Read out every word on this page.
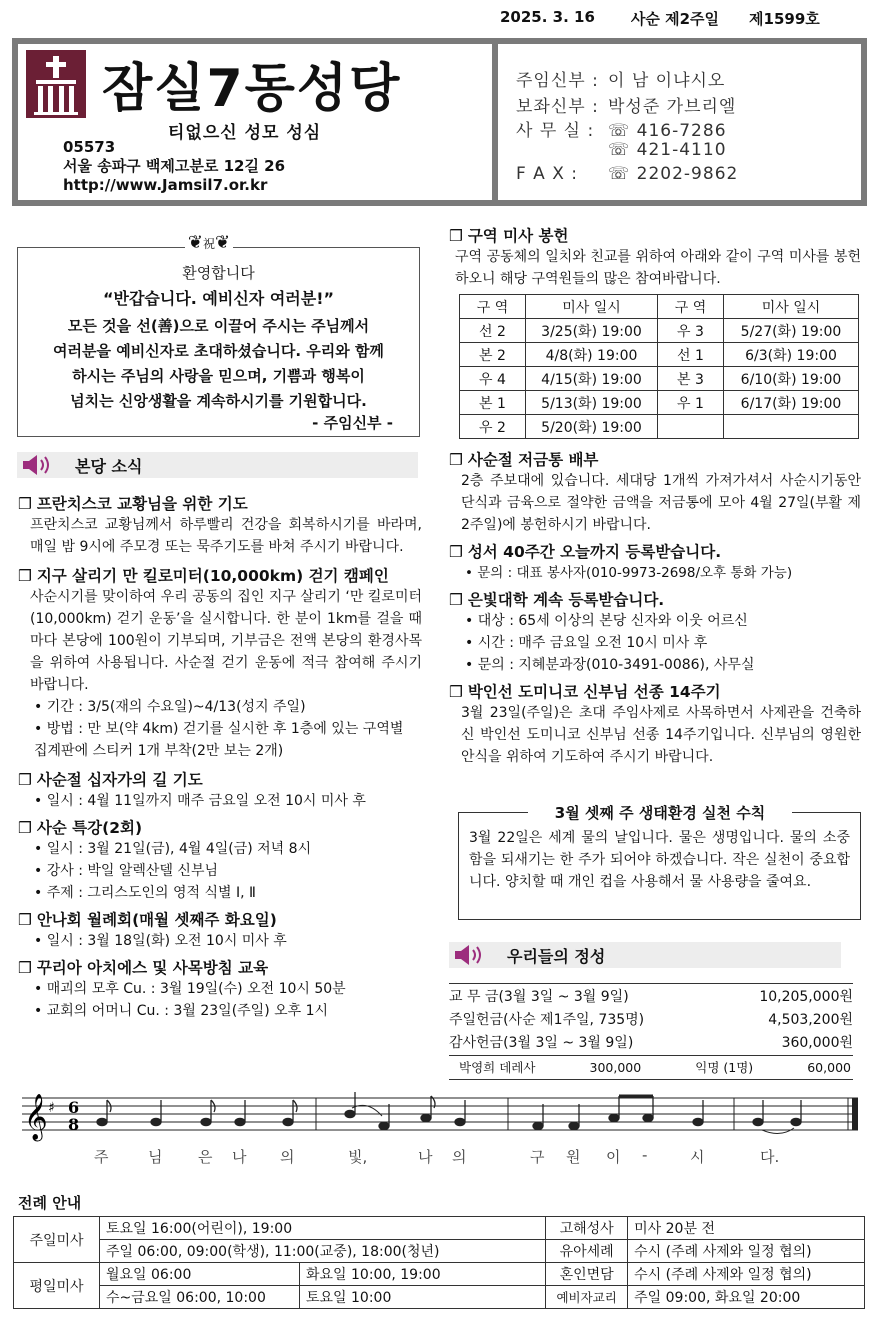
2025. 3. 16 사순 제2주일 제1599호
잠실7동성당
티없으신 성모 성심
05573
서울 송파구 백제고분로 12길 26
http://www.Jamsil7.or.kr
주임신부 : 이 남 이냐시오
보좌신부 : 박성준 가브리엘
사 무 실 : ☏ 416-7286
☏ 421-4110
F A X : ☏ 2202-9862
환영합니다
“반갑습니다. 예비신자 여러분!”
모든 것을 선(善)으로 이끌어 주시는 주님께서
여러분을 예비신자로 초대하셨습니다. 우리와 함께
하시는 주님의 사랑을 믿으며, 기쁨과 행복이
넘치는 신앙생활을 계속하시기를 기원합니다.
- 주임신부 -
❦祝❦
본당 소식
❒ 프란치스코 교황님을 위한 기도
프란치스코 교황님께서 하루빨리 건강을 회복하시기를 바라며, 매일 밤 9시에 주모경 또는 묵주기도를 바쳐 주시기 바랍니다.
❒ 지구 살리기 만 킬로미터(10,000km) 걷기 캠페인
사순시기를 맞이하여 우리 공동의 집인 지구 살리기 ‘만 킬로미터(10,000km) 걷기 운동’을 실시합니다. 한 분이 1km를 걸을 때마다 본당에 100원이 기부되며, 기부금은 전액 본당의 환경사목을 위하여 사용됩니다. 사순절 걷기 운동에 적극 참여해 주시기 바랍니다.
• 기간 : 3/5(재의 수요일)~4/13(성지 주일)
• 방법 : 만 보(약 4km) 걷기를 실시한 후 1층에 있는 구역별 집계판에 스티커 1개 부착(2만 보는 2개)
❒ 사순절 십자가의 길 기도
• 일시 : 4월 11일까지 매주 금요일 오전 10시 미사 후
❒ 사순 특강(2회)
• 일시 : 3월 21일(금), 4월 4일(금) 저녁 8시
• 강사 : 박일 알렉산델 신부님
• 주제 : 그리스도인의 영적 식별 Ⅰ, Ⅱ
❒ 안나회 월례회(매월 셋째주 화요일)
• 일시 : 3월 18일(화) 오전 10시 미사 후
❒ 꾸리아 아치에스 및 사목방침 교육
• 매괴의 모후 Cu. : 3월 19일(수) 오전 10시 50분
• 교회의 어머니 Cu. : 3월 23일(주일) 오후 1시
❒ 구역 미사 봉헌
구역 공동체의 일치와 친교를 위하여 아래와 같이 구역 미사를 봉헌하오니 해당 구역원들의 많은 참여바랍니다.
구 역	미사 일시	구 역	미사 일시
선 2	3/25(화) 19:00	우 3	5/27(화) 19:00
본 2	4/8(화) 19:00	선 1	6/3(화) 19:00
우 4	4/15(화) 19:00	본 3	6/10(화) 19:00
본 1	5/13(화) 19:00	우 1	6/17(화) 19:00
우 2	5/20(화) 19:00		
❒ 사순절 저금통 배부
2층 주보대에 있습니다. 세대당 1개씩 가져가셔서 사순시기동안 단식과 금육으로 절약한 금액을 저금통에 모아 4월 27일(부활 제2주일)에 봉헌하시기 바랍니다.
❒ 성서 40주간 오늘까지 등록받습니다.
• 문의 : 대표 봉사자(010-9973-2698/오후 통화 가능)
❒ 은빛대학 계속 등록받습니다.
• 대상 : 65세 이상의 본당 신자와 이웃 어르신
• 시간 : 매주 금요일 오전 10시 미사 후
• 문의 : 지혜분과장(010-3491-0086), 사무실
❒ 박인선 도미니코 신부님 선종 14주기
3월 23일(주일)은 초대 주임사제로 사목하면서 사제관을 건축하신 박인선 도미니코 신부님 선종 14주기입니다. 신부님의 영원한 안식을 위하여 기도하여 주시기 바랍니다.
3월 22일은 세계 물의 날입니다. 물은 생명입니다. 물의 소중함을 되새기는 한 주가 되어야 하겠습니다. 작은 실천이 중요합니다. 양치할 때 개인 컵을 사용해서 물 사용량을 줄여요.
3월 셋째 주 생태환경 실천 수칙
우리들의 정성
교 무 금(3월 3일 ~ 3월 9일)	10,205,000원
주일헌금(사순 제1주일, 735명)	4,503,200원
감사헌금(3월 3일 ~ 3월 9일)	360,000원
박영희 데레사	300,000	익명 (1명)	60,000
𝄞 ♯ 6
8
주	님 은 나 의	빛,	나 의	구 원 이 -	시	다.
전례 안내
주일미사	토요일 16:00(어린이), 19:00		고해성사	미사 20분 전
	주일 06:00, 09:00(학생), 11:00(교중), 18:00(청년)		유아세례	수시 (주례 사제와 일정 협의)
평일미사	월요일 06:00	화요일 10:00, 19:00	혼인면담	수시 (주례 사제와 일정 협의)
	수~금요일 06:00, 10:00	토요일 10:00	예비자교리	주일 09:00, 화요일 20:00
